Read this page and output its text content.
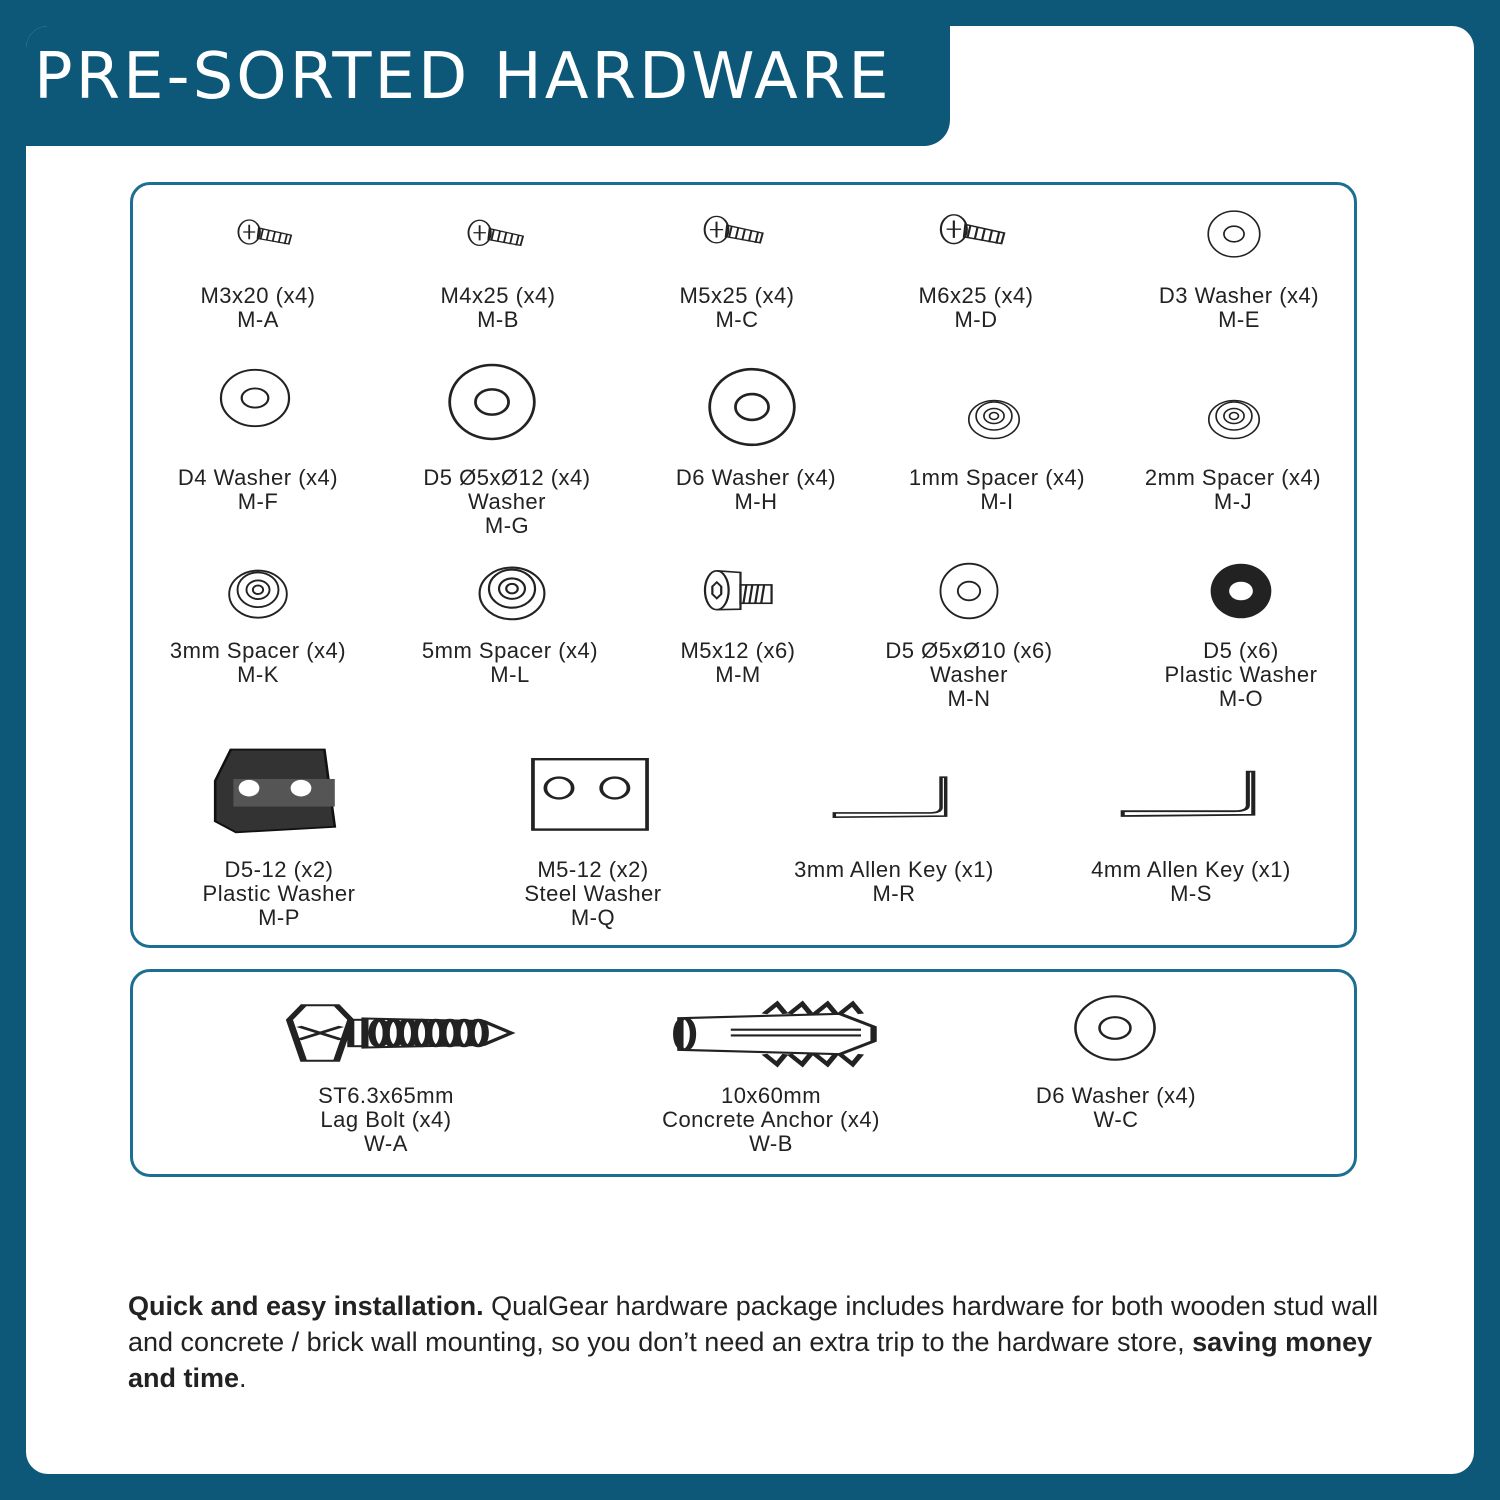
PRE-SORTED HARDWARE
M3x20 (x4)
M-A
M4x25 (x4)
M-B
M5x25 (x4)
M-C
M6x25 (x4)
M-D
D3 Washer (x4)
M-E
D4 Washer (x4)
M-F
D5 Ø5xØ12 (x4)
Washer
M-G
D6 Washer (x4)
M-H
1mm Spacer (x4)
M-I
2mm Spacer (x4)
M-J
3mm Spacer (x4)
M-K
5mm Spacer (x4)
M-L
M5x12 (x6)
M-M
D5 Ø5xØ10 (x6)
Washer
M-N
D5 (x6)
Plastic Washer
M-O
D5-12 (x2)
Plastic Washer
M-P
M5-12 (x2)
Steel Washer
M-Q
3mm Allen Key (x1)
M-R
4mm Allen Key (x1)
M-S
ST6.3x65mm
Lag Bolt (x4)
W-A
10x60mm
Concrete Anchor (x4)
W-B
D6 Washer (x4)
W-C
Quick and easy installation. QualGear hardware package includes hardware for both wooden stud wall and concrete / brick wall mounting, so you don’t need an extra trip to the hardware store, saving money and time.
